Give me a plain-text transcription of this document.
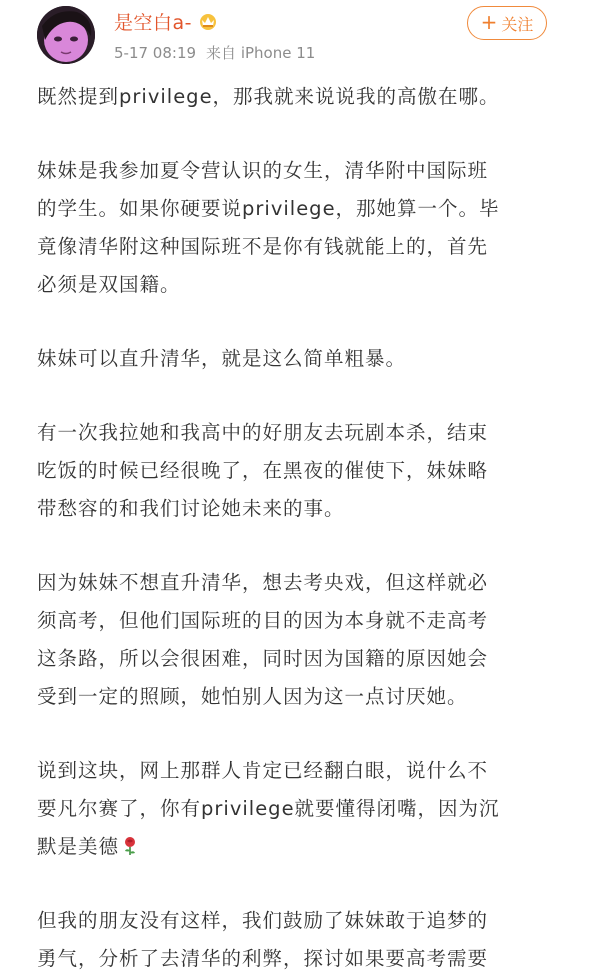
是空白a-
5-17 08:19 来自 iPhone 11
+ 关注

既然提到privilege，那我就来说说我的高傲在哪。

妹妹是我参加夏令营认识的女生，清华附中国际班
的学生。如果你硬要说privilege，那她算一个。毕
竟像清华附这种国际班不是你有钱就能上的，首先
必须是双国籍。

妹妹可以直升清华，就是这么简单粗暴。

有一次我拉她和我高中的好朋友去玩剧本杀，结束
吃饭的时候已经很晚了，在黑夜的催使下，妹妹略
带愁容的和我们讨论她未来的事。

因为妹妹不想直升清华，想去考央戏，但这样就必
须高考，但他们国际班的目的因为本身就不走高考
这条路，所以会很困难，同时因为国籍的原因她会
受到一定的照顾，她怕别人因为这一点讨厌她。

说到这块，网上那群人肯定已经翻白眼，说什么不
要凡尔赛了，你有privilege就要懂得闭嘴，因为沉
默是美德

但我的朋友没有这样，我们鼓励了妹妹敢于追梦的
勇气，分析了去清华的利弊，探讨如果要高考需要
